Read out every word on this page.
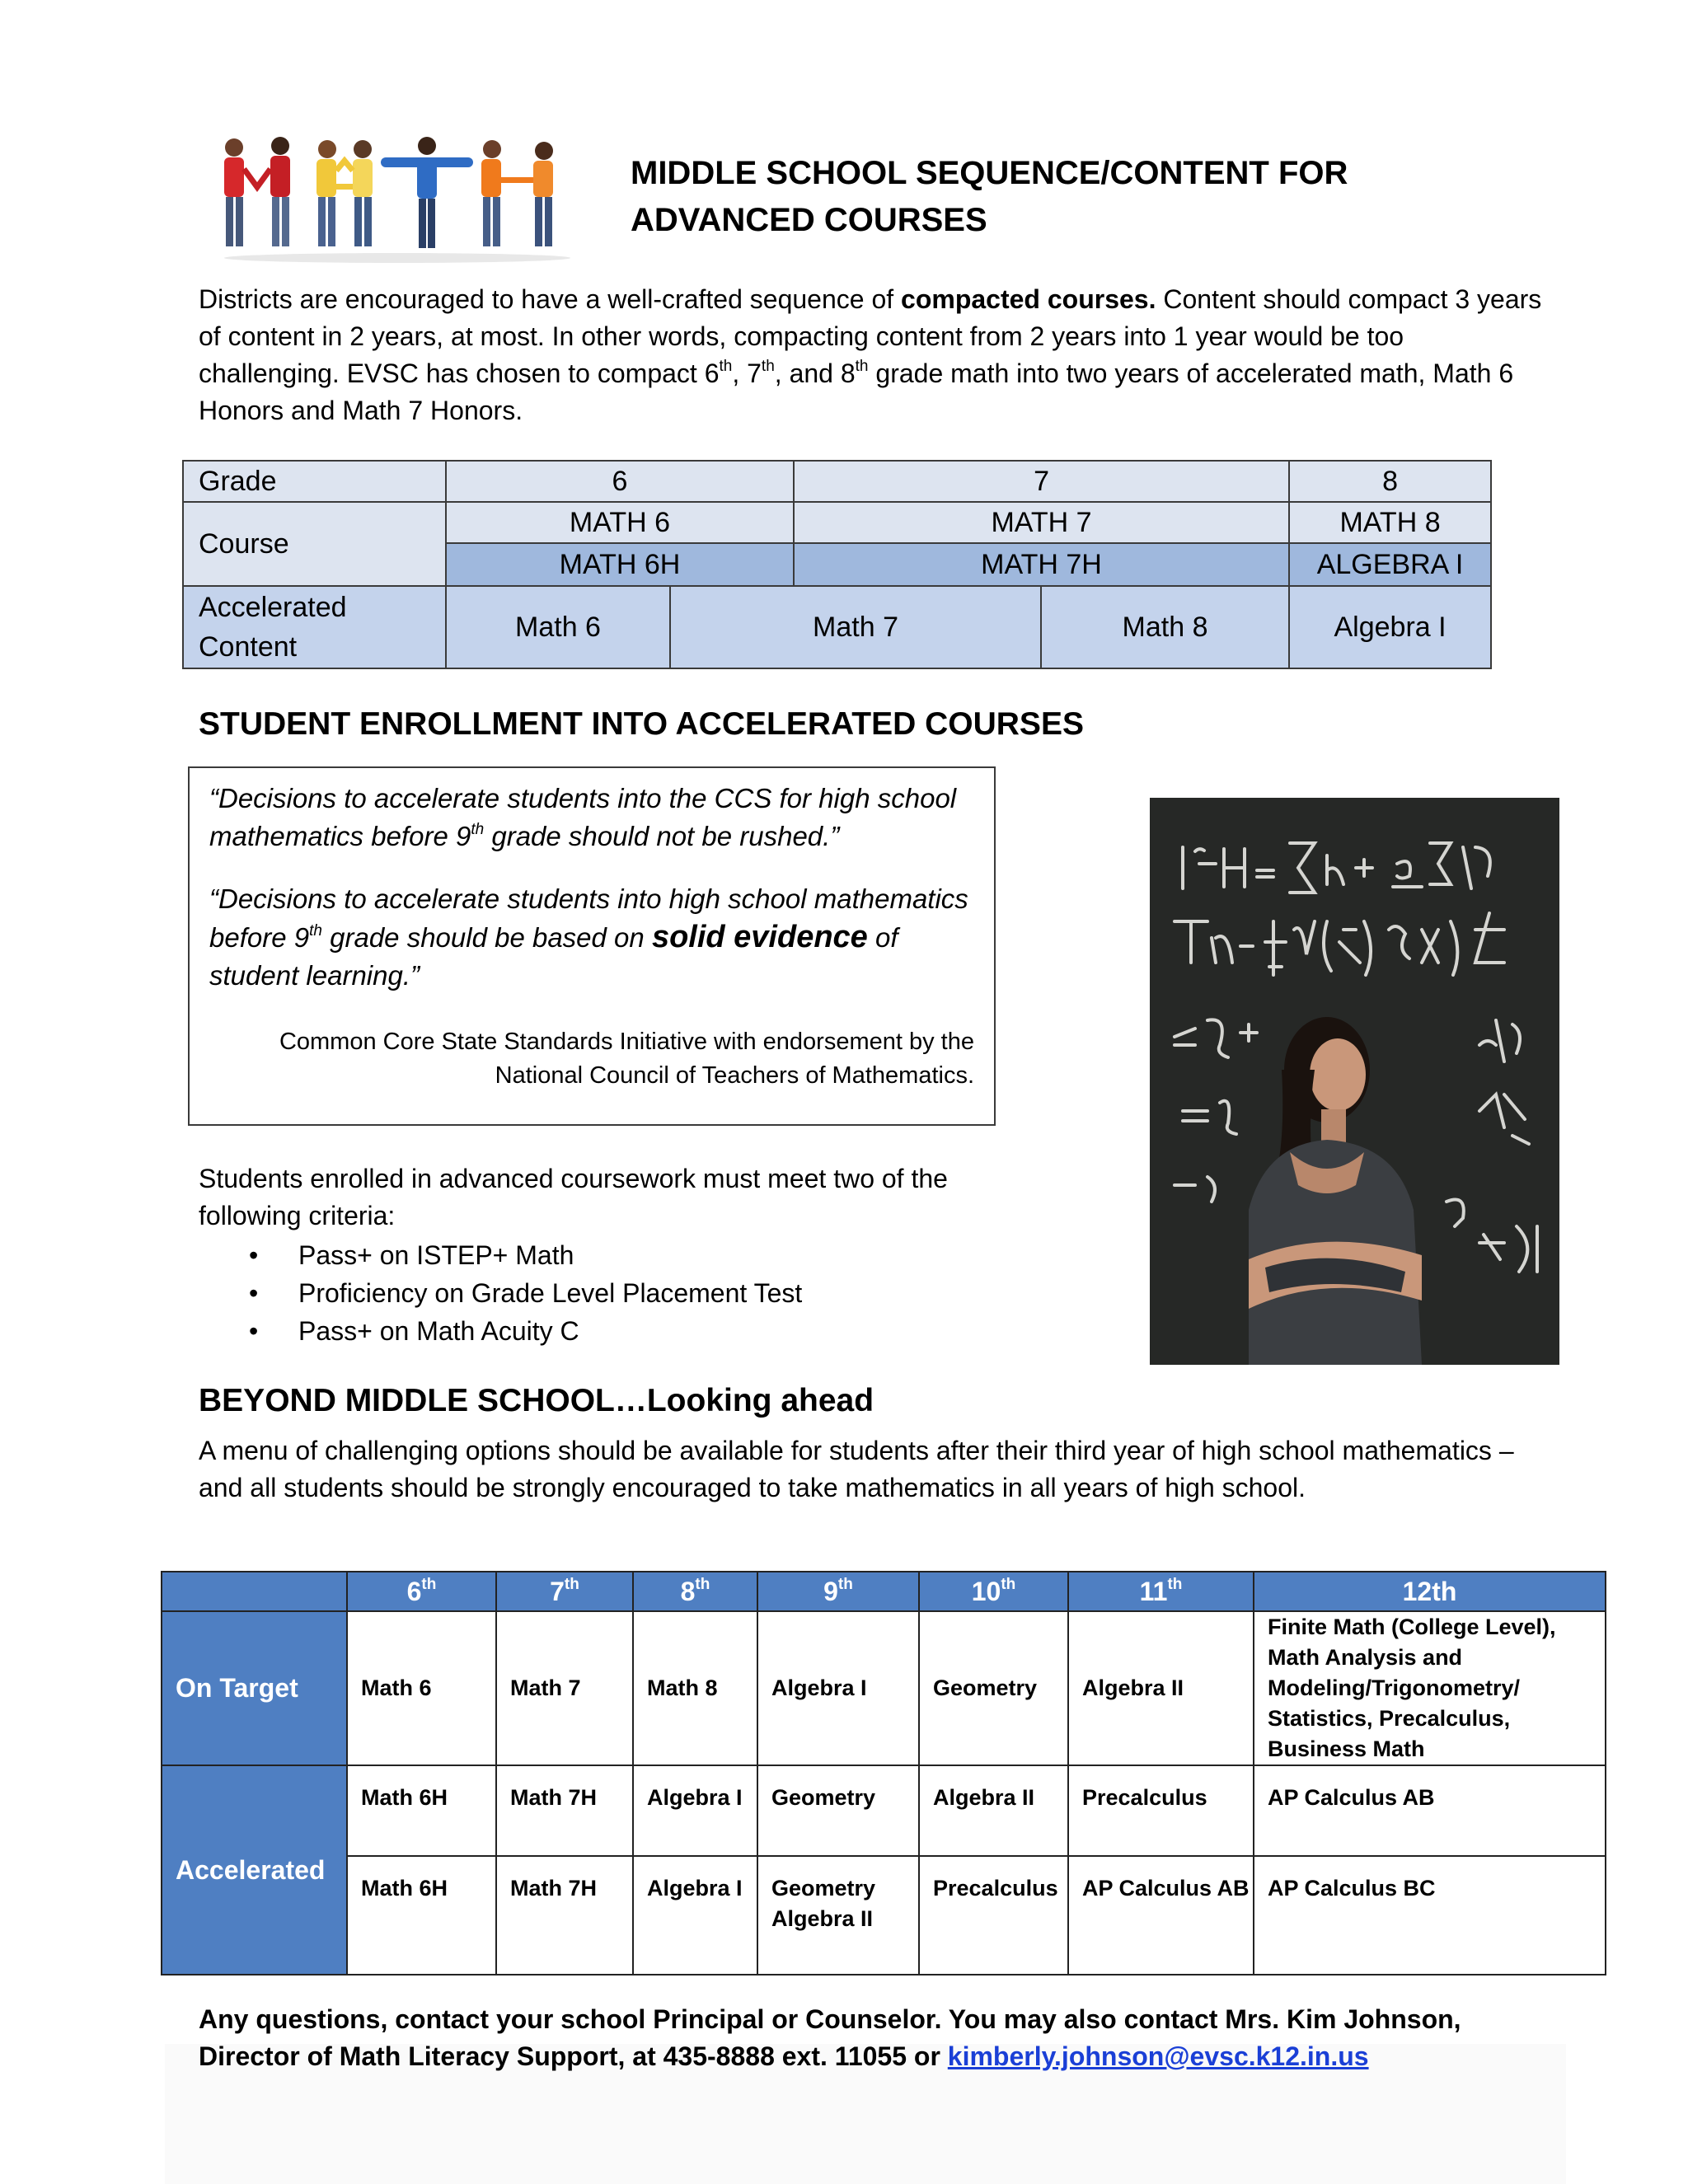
MIDDLE SCHOOL SEQUENCE/CONTENT FOR
ADVANCED COURSES
Districts are encouraged to have a well-crafted sequence of compacted courses. Content should compact 3 years of content in 2 years, at most. In other words, compacting content from 2 years into 1 year would be too challenging. EVSC has chosen to compact 6th, 7th, and 8th grade math into two years of accelerated math, Math 6 Honors and Math 7 Honors.
Grade	6		7		8
Course	MATH 6		MATH 7		MATH 8
	MATH 6H		MATH 7H		ALGEBRA I

Accelerated
Content	Math 6	Math 7		Math 8	Algebra I
STUDENT ENROLLMENT INTO ACCELERATED COURSES
“Decisions to accelerate students into the CCS for high school mathematics before 9th grade should not be rushed.”
“Decisions to accelerate students into high school mathematics before 9th grade should be based on solid evidence of student learning.”
Common Core State Standards Initiative with endorsement by the
National Council of Teachers of Mathematics.
Students enrolled in advanced coursework must meet two of the following criteria:
• Pass+ on ISTEP+ Math
• Proficiency on Grade Level Placement Test
• Pass+ on Math Acuity C
BEYOND MIDDLE SCHOOL…Looking ahead
A menu of challenging options should be available for students after their third year of high school mathematics – and all students should be strongly encouraged to take mathematics in all years of high school.
	6th	7th	8th	9th	10th	11th	12th
On Target	Math 6	Math 7	Math 8	Algebra I	Geometry	Algebra II	Finite Math (College Level), Math Analysis and Modeling/Trigonometry/ Statistics, Precalculus, Business Math
Accelerated	Math 6H	Math 7H	Algebra I	Geometry	Algebra II	Precalculus	AP Calculus AB
	Math 6H	Math 7H	Algebra I	Geometry Algebra II	Precalculus	AP Calculus AB	AP Calculus BC
Any questions, contact your school Principal or Counselor. You may also contact Mrs. Kim Johnson,
Director of Math Literacy Support, at 435-8888 ext. 11055 or kimberly.johnson@evsc.k12.in.us
